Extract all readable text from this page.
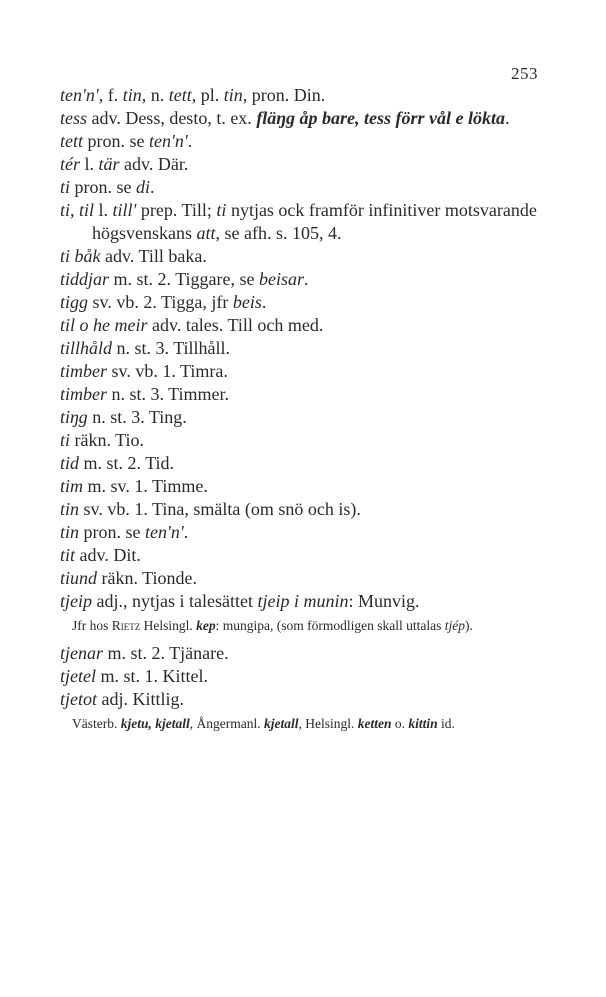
253

ten'n', f. tin, n. tett, pl. tin, pron. Din.

tess adv. Dess, desto, t. ex. fläŋg åp bare, tess förr vål e lökta.

tett pron. se ten'n'.

tér l. tär adv. Där.

ti pron. se di.

ti, til l. till' prep. Till; ti nytjas ock framför infinitiver motsvarande högsvenskans att, se afh. s. 105, 4.

ti båk adv. Till baka.

tiddjar m. st. 2. Tiggare, se beisar.

tigg sv. vb. 2. Tigga, jfr beis.

til o he meir adv. tales. Till och med.

tillhåld n. st. 3. Tillhåll.

timber sv. vb. 1. Timra.

timber n. st. 3. Timmer.

tiŋg n. st. 3. Ting.

ti räkn. Tio.

tid m. st. 2. Tid.

tim m. sv. 1. Timme.

tin sv. vb. 1. Tina, smälta (om snö och is).

tin pron. se ten'n'.

tit adv. Dit.

tiund räkn. Tionde.

tjeip adj., nytjas i talesättet tjeip i munin: Munvig.

Jfr hos Rietz Helsingl. kep: mungipa, (som förmodligen skall uttalas tjép).

tjenar m. st. 2. Tjänare.

tjetel m. st. 1. Kittel.

tjetot adj. Kittlig.

Västerb. kjetu, kjetall, Ångermanl. kjetall, Helsingl. ketten o. kittin id.
